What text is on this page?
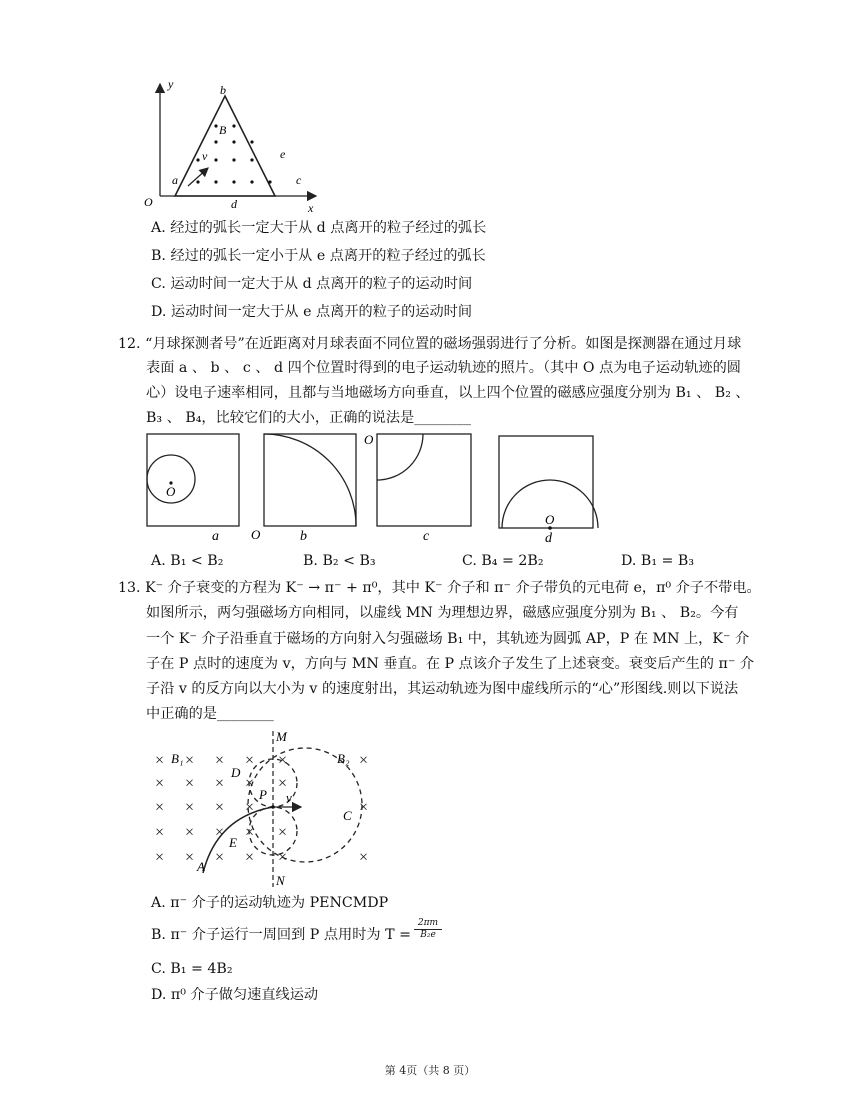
y
x
O
b
B
v	e
a	c
d
A. 经过的弧长一定大于从 d 点离开的粒子经过的弧长
B. 经过的弧长一定小于从 e 点离开的粒子经过的弧长
C. 运动时间一定大于从 d 点离开的粒子的运动时间
D. 运动时间一定大于从 e 点离开的粒子的运动时间
12. “月球探测者号”在近距离对月球表面不同位置的磁场强弱进行了分析。如图是探测器在通过月球
表面 a 、 b 、 c 、 d 四个位置时得到的电子运动轨迹的照片。（其中 O 点为电子运动轨迹的圆
心）设电子速率相同，且都与当地磁场方向垂直，以上四个位置的磁感应强度分别为 B₁ 、 B₂ 、
B₃ 、 B₄，比较它们的大小，正确的说法是________
O
a O	b
O
c
O
d
A. B₁ < B₂	B. B₂ < B₃	C. B₄ = 2B₂	D. B₁ = B₃
13. K⁻ 介子衰变的方程为 K⁻ → π⁻ + π⁰，其中 K⁻ 介子和 π⁻ 介子带负的元电荷 e，π⁰ 介子不带电。
如图所示，两匀强磁场方向相同，以虚线 MN 为理想边界，磁感应强度分别为 B₁ 、 B₂。今有
一个 K⁻ 介子沿垂直于磁场的方向射入匀强磁场 B₁ 中，其轨迹为圆弧 AP，P 在 MN 上，K⁻ 介
子在 P 点时的速度为 v，方向与 MN 垂直。在 P 点该介子发生了上述衰变。衰变后产生的 π⁻ 介
子沿 v 的反方向以大小为 v 的速度射出，其运动轨迹为图中虚线所示的“心”形图线.则以下说法
中正确的是________
× × × × ×	×
× × × × ×
× × × ×	×
× × × × ×
× × × × ×	×
B₁	B₂
M
N
D
P v
C
E
A
A. π⁻ 介子的运动轨迹为 PENCMDP
B. π⁻ 介子运行一周回到 P 点用时为 $T = \frac{2\pi m}{\text{B₂e}}$
C. B₁ = 4B₂
D. π⁰ 介子做匀速直线运动
第 4页（共 8 页）
